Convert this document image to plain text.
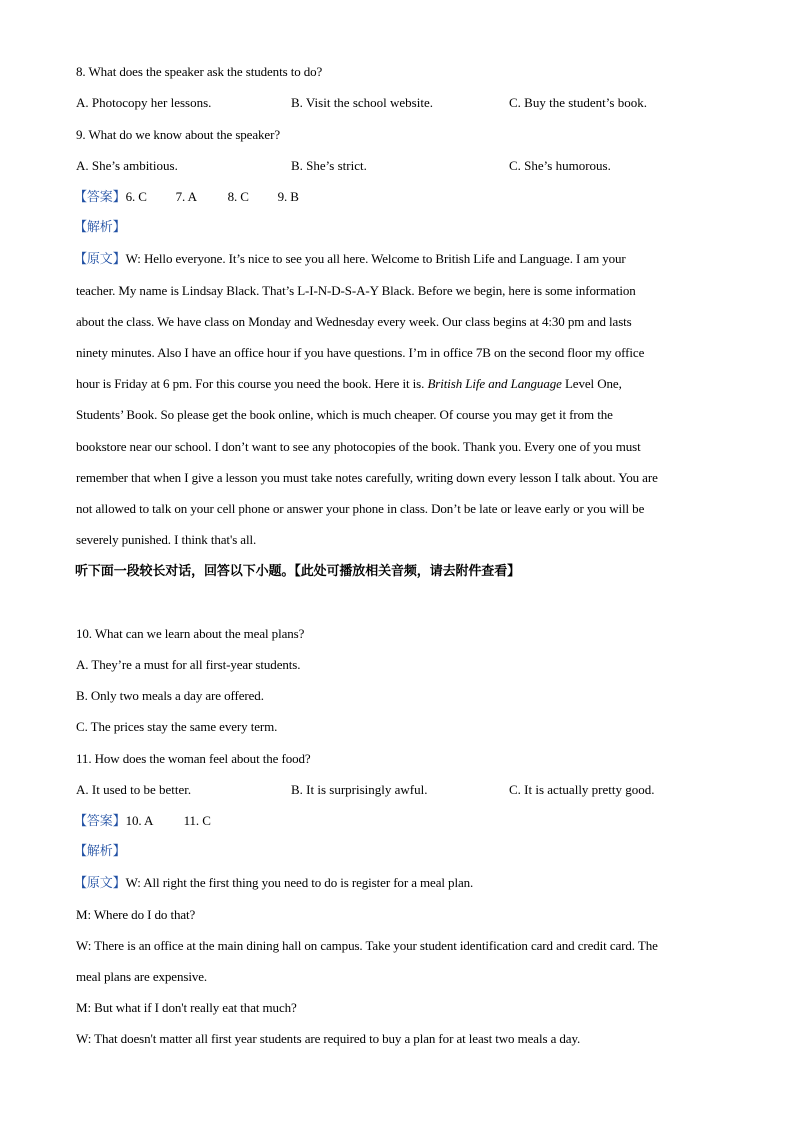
8. What does the speaker ask the students to do?
A. Photocopy her lessons.	B. Visit the school website.	C. Buy the student’s book.
9. What do we know about the speaker?
A. She’s ambitious.	B. She’s strict.	C. She’s humorous.
【答案】6. C 7. A 8. C 9. B
【解析】
【原文】W: Hello everyone. It’s nice to see you all here. Welcome to British Life and Language. I am your
teacher. My name is Lindsay Black. That’s L-I-N-D-S-A-Y Black. Before we begin, here is some information
about the class. We have class on Monday and Wednesday every week. Our class begins at 4:30 pm and lasts
ninety minutes. Also I have an office hour if you have questions. I’m in office 7B on the second floor my office
hour is Friday at 6 pm. For this course you need the book. Here it is. British Life and Language Level One,
Students’ Book. So please get the book online, which is much cheaper. Of course you may get it from the
bookstore near our school. I don’t want to see any photocopies of the book. Thank you. Every one of you must
remember that when I give a lesson you must take notes carefully, writing down every lesson I talk about. You are
not allowed to talk on your cell phone or answer your phone in class. Don’t be late or leave early or you will be
severely punished. I think that's all.
听下面一段较长对话，回答以下小题。【此处可播放相关音频，请去附件查看】
10. What can we learn about the meal plans?
A. They’re a must for all first-year students.
B. Only two meals a day are offered.
C. The prices stay the same every term.
11. How does the woman feel about the food?
A. It used to be better.	B. It is surprisingly awful.	C. It is actually pretty good.
【答案】10. A 11. C
【解析】
【原文】W: All right the first thing you need to do is register for a meal plan.
M: Where do I do that?
W: There is an office at the main dining hall on campus. Take your student identification card and credit card. The
meal plans are expensive.
M: But what if I don't really eat that much?
W: That doesn't matter all first year students are required to buy a plan for at least two meals a day.
